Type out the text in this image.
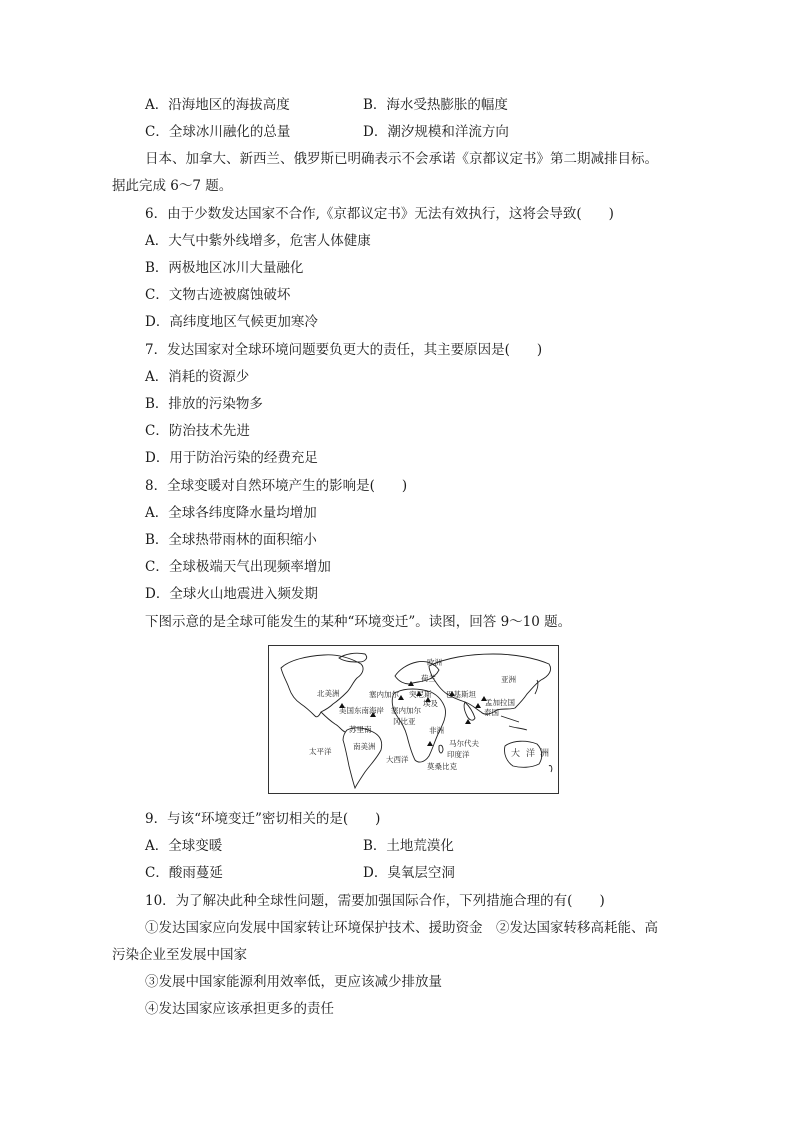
A．沿海地区的海拔高度	B．海水受热膨胀的幅度
C．全球冰川融化的总量	D．潮汐规模和洋流方向
日本、加拿大、新西兰、俄罗斯已明确表示不会承诺《京都议定书》第二期减排目标。
据此完成 6～7 题。
6．由于少数发达国家不合作,《京都议定书》无法有效执行，这将会导致(　　)
A．大气中紫外线增多，危害人体健康
B．两极地区冰川大量融化
C．文物古迹被腐蚀破坏
D．高纬度地区气候更加寒冷
7．发达国家对全球环境问题要负更大的责任，其主要原因是(　　)
A．消耗的资源少
B．排放的污染物多
C．防治技术先进
D．用于防治污染的经费充足
8．全球变暖对自然环境产生的影响是(　　)
A．全球各纬度降水量均增加
B．全球热带雨林的面积缩小
C．全球极端天气出现频率增加
D．全球火山地震进入频发期
下图示意的是全球可能发生的某种“环境变迁”。读图，回答 9～10 题。
北美洲
美国东南海岸
苏里南
南美洲
太平洋
大西洋
欧洲
荷兰
塞内加尔 突尼斯
埃及
巴基斯坦
孟加拉国
泰国
亚洲
塞内加尔
冈比亚
非洲
马尔代夫
印度洋
莫桑比克
大 洋 洲
9．与该“环境变迁”密切相关的是(　　)
A．全球变暖	B．土地荒漠化
C．酸雨蔓延	D．臭氧层空洞
10．为了解决此种全球性问题，需要加强国际合作，下列措施合理的有(　　)
①发达国家应向发展中国家转让环境保护技术、援助资金　②发达国家转移高耗能、高
污染企业至发展中国家
③发展中国家能源利用效率低，更应该减少排放量
④发达国家应该承担更多的责任
